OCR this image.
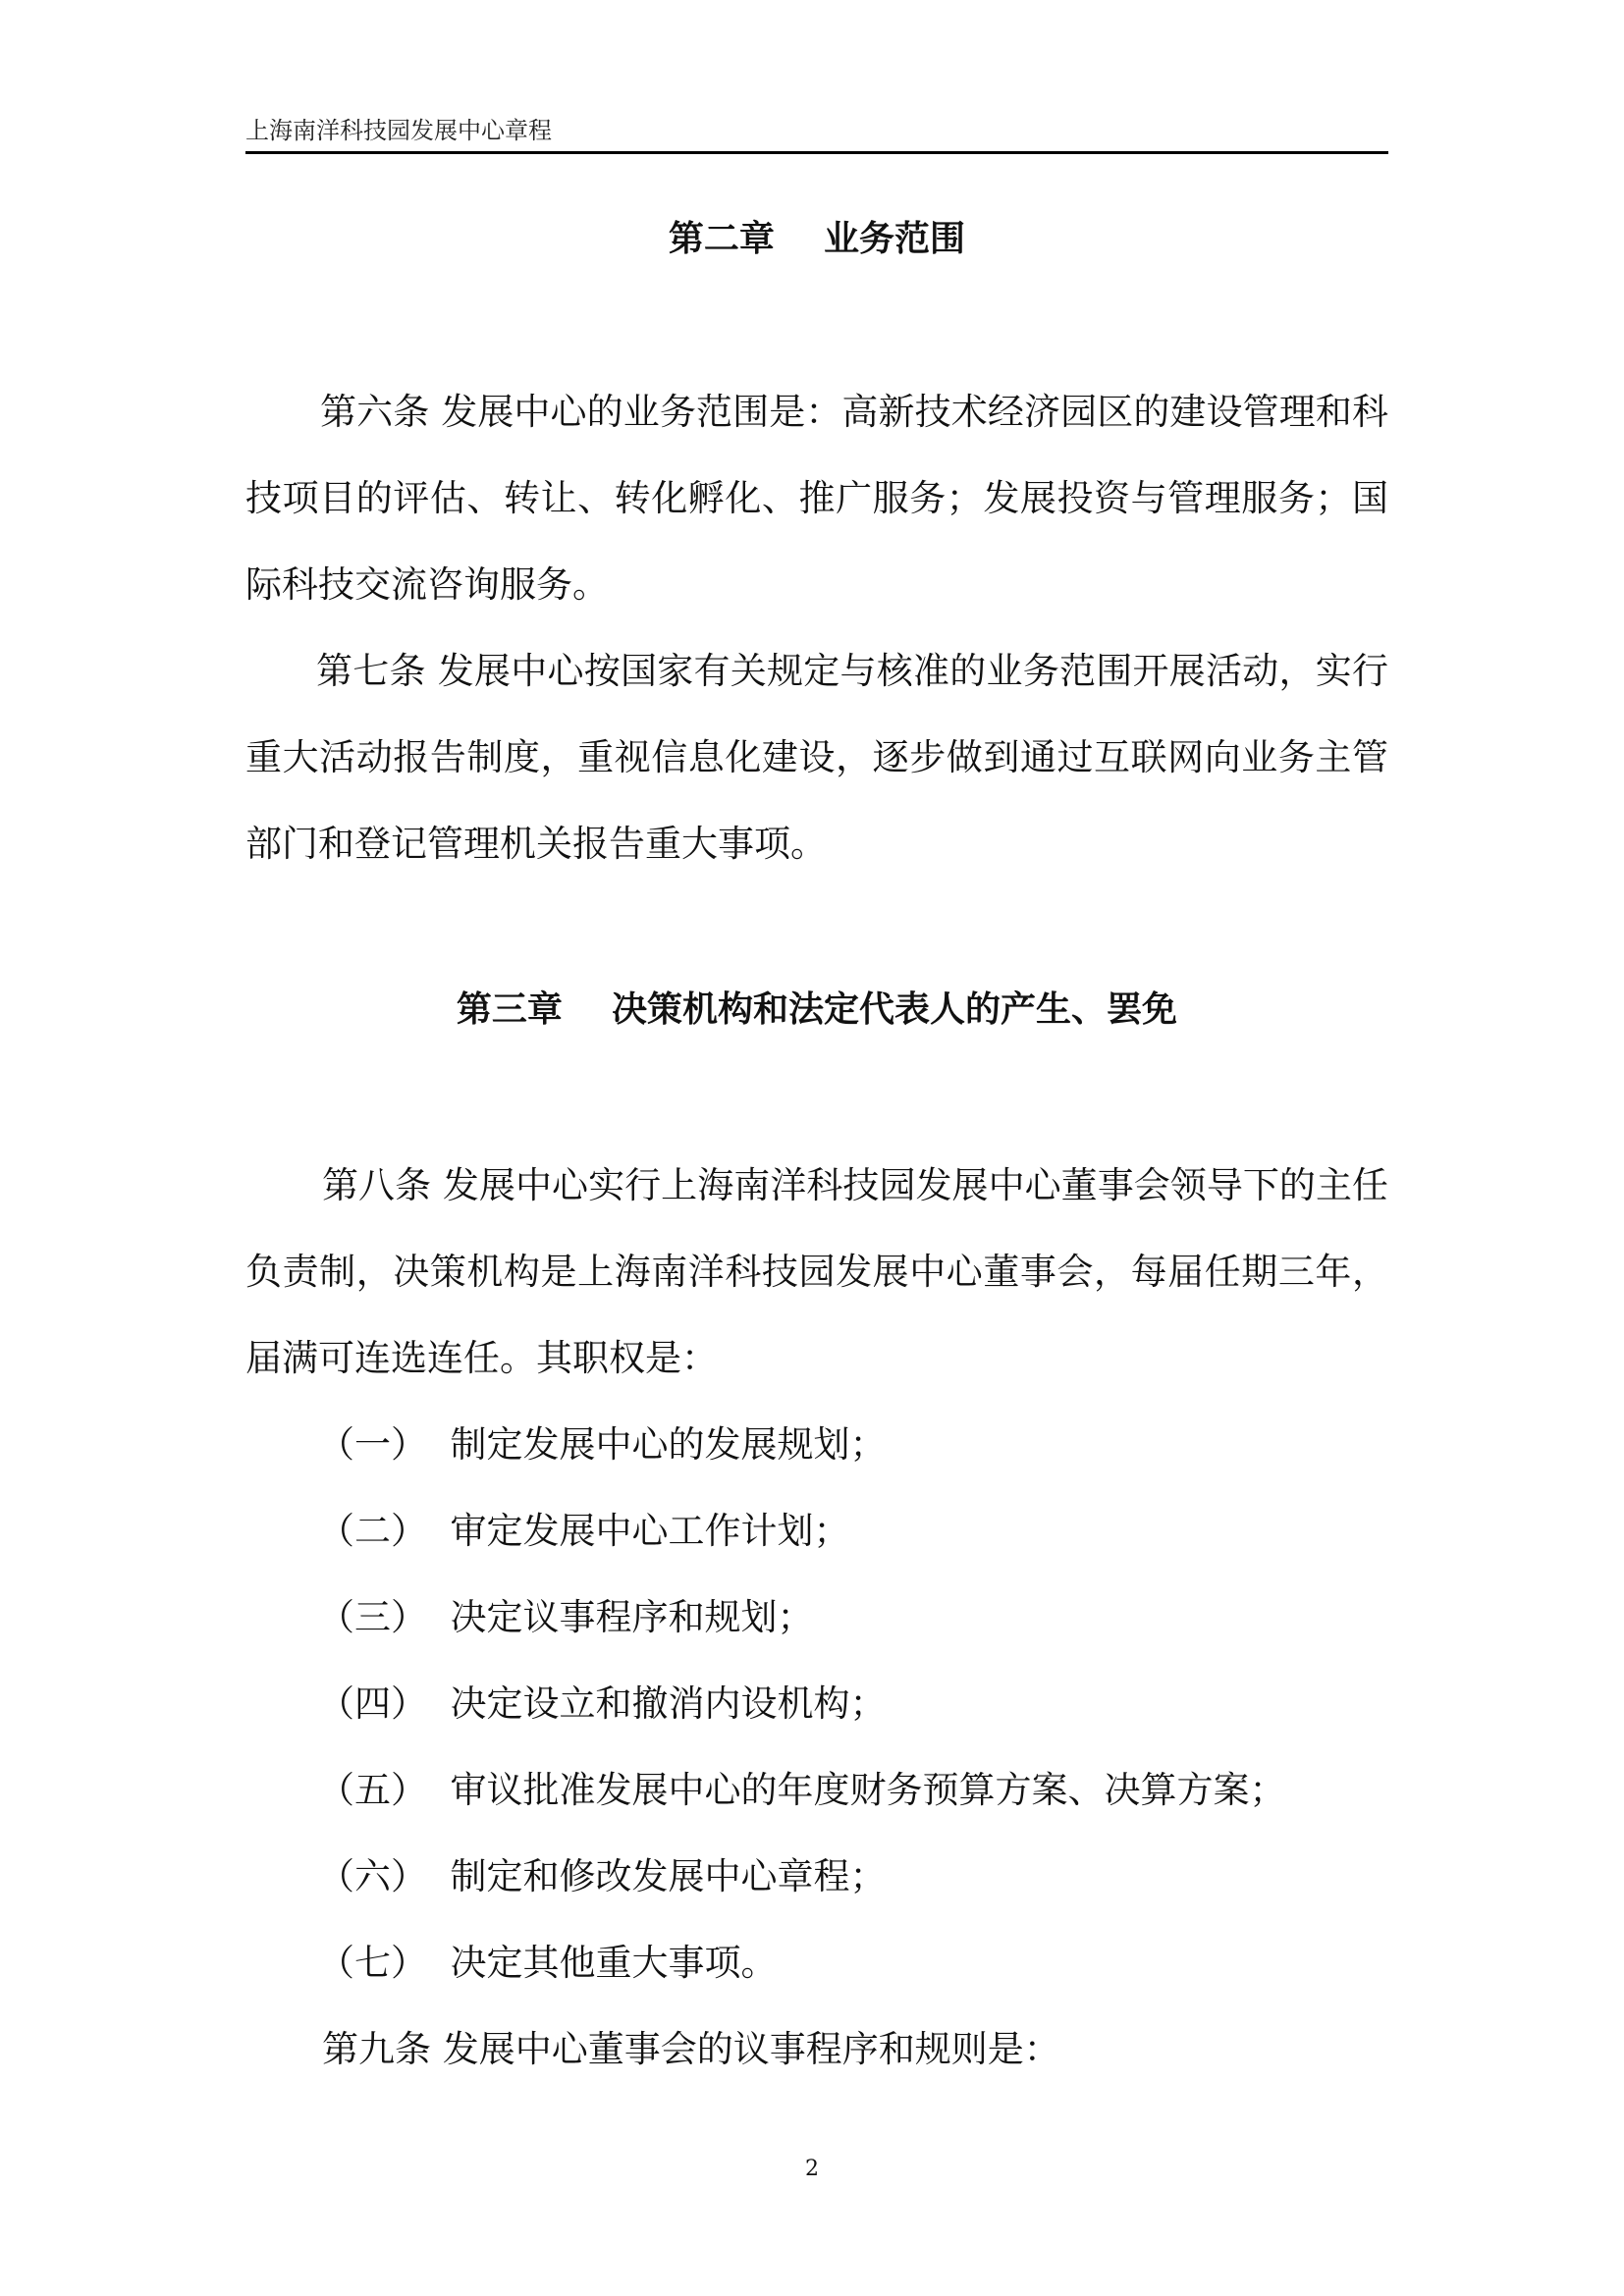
上海南洋科技园发展中心章程
第二章    业务范围

第六条 发展中心的业务范围是：高新技术经济园区的建设管理和科技项目的评估、转让、转化孵化、推广服务；发展投资与管理服务；国际科技交流咨询服务。

第七条 发展中心按国家有关规定与核准的业务范围开展活动，实行重大活动报告制度，重视信息化建设，逐步做到通过互联网向业务主管部门和登记管理机关报告重大事项。

第三章    决策机构和法定代表人的产生、罢免

第八条 发展中心实行上海南洋科技园发展中心董事会领导下的主任负责制，决策机构是上海南洋科技园发展中心董事会，每届任期三年，届满可连选连任。其职权是：

（一）  制定发展中心的发展规划；
（二）  审定发展中心工作计划；
（三）  决定议事程序和规划；
（四）  决定设立和撤消内设机构；
（五）  审议批准发展中心的年度财务预算方案、决算方案；
（六）  制定和修改发展中心章程；
（七）  决定其他重大事项。

第九条 发展中心董事会的议事程序和规则是：

2
